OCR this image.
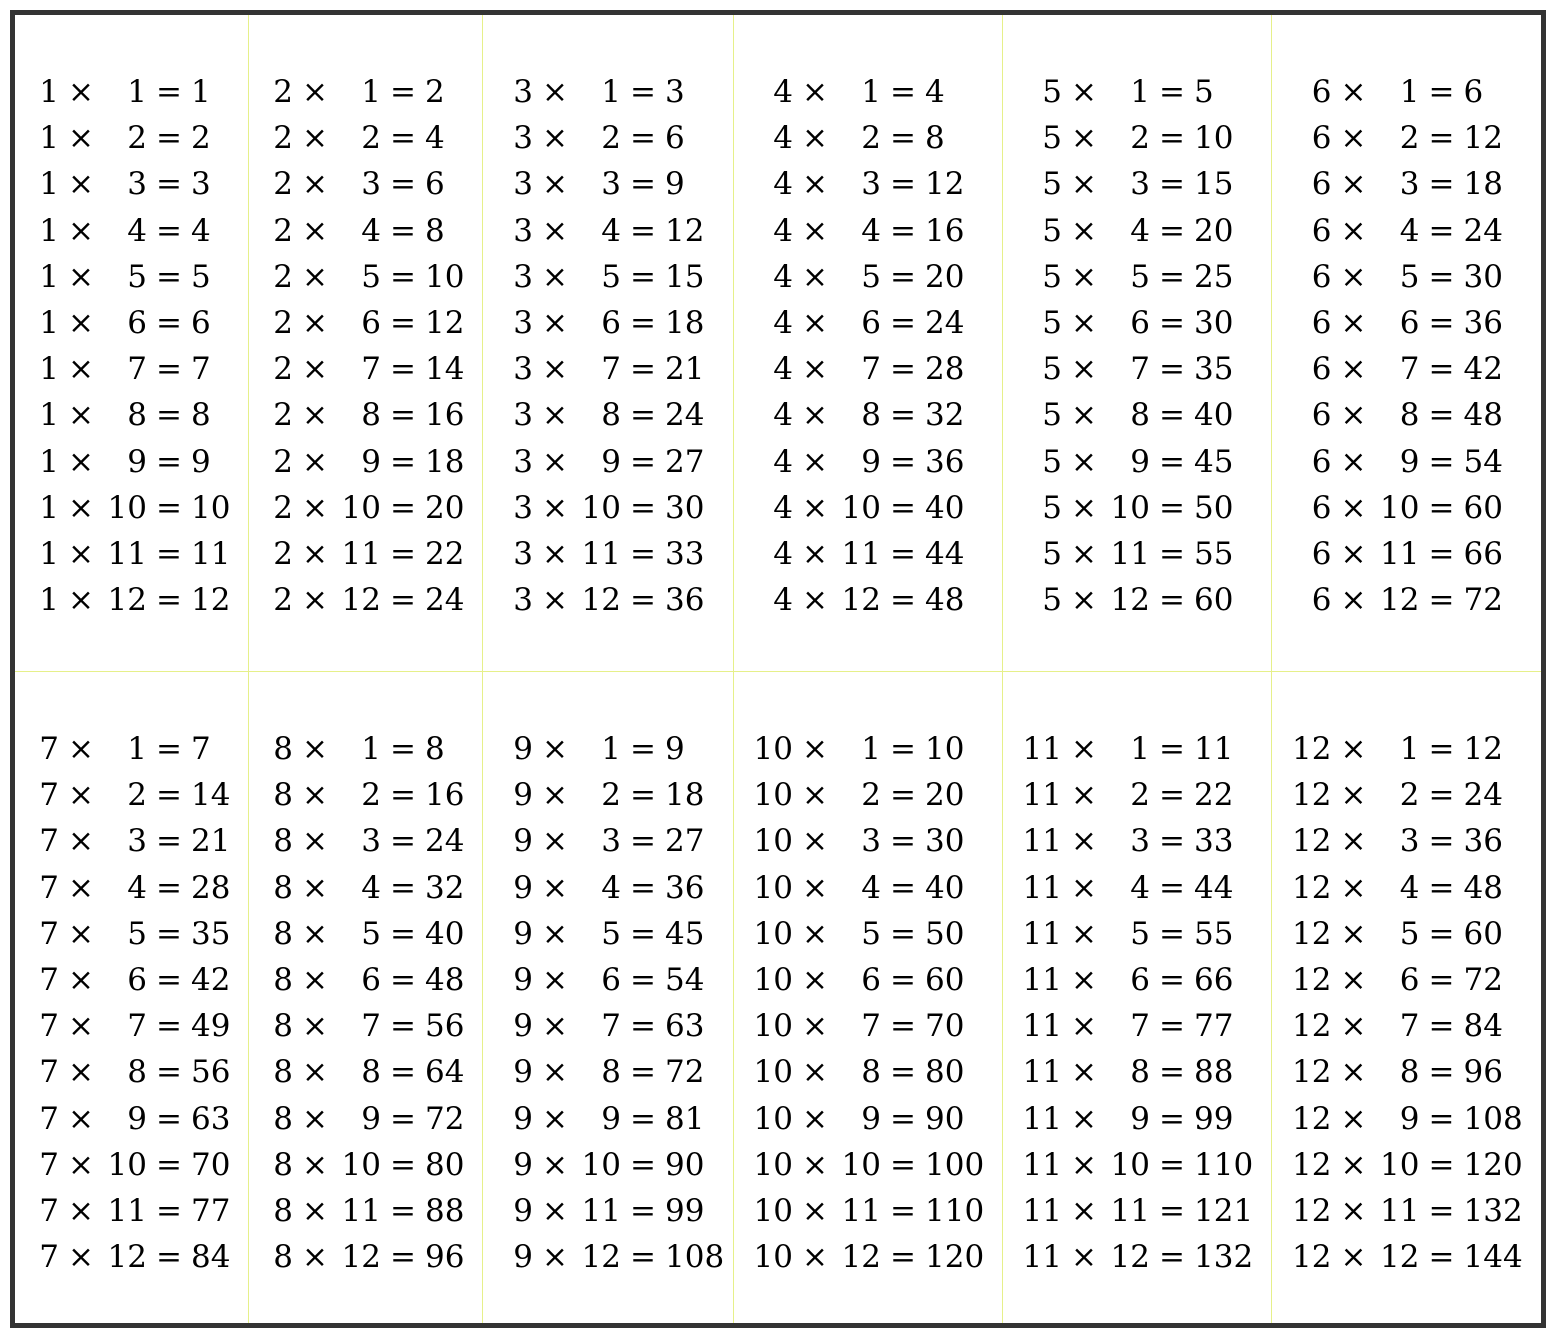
1 ×	1 = 1
1 ×	2 = 2
1 ×	3 = 3
1 ×	4 = 4
1 ×	5 = 5
1 ×	6 = 6
1 ×	7 = 7
1 ×	8 = 8
1 ×	9 = 9
1 × 10 = 10
1 × 11 = 11
1 × 12 = 12
2 ×	1 = 2
2 ×	2 = 4
2 ×	3 = 6
2 ×	4 = 8
2 ×	5 = 10
2 ×	6 = 12
2 ×	7 = 14
2 ×	8 = 16
2 ×	9 = 18
2 × 10 = 20
2 × 11 = 22
2 × 12 = 24
3 ×	1 = 3
3 ×	2 = 6
3 ×	3 = 9
3 ×	4 = 12
3 ×	5 = 15
3 ×	6 = 18
3 ×	7 = 21
3 ×	8 = 24
3 ×	9 = 27
3 × 10 = 30
3 × 11 = 33
3 × 12 = 36
4 ×	1 = 4
4 ×	2 = 8
4 ×	3 = 12
4 ×	4 = 16
4 ×	5 = 20
4 ×	6 = 24
4 ×	7 = 28
4 ×	8 = 32
4 ×	9 = 36
4 × 10 = 40
4 × 11 = 44
4 × 12 = 48
5 ×	1 = 5
5 ×	2 = 10
5 ×	3 = 15
5 ×	4 = 20
5 ×	5 = 25
5 ×	6 = 30
5 ×	7 = 35
5 ×	8 = 40
5 ×	9 = 45
5 × 10 = 50
5 × 11 = 55
5 × 12 = 60
6 ×	1 = 6
6 ×	2 = 12
6 ×	3 = 18
6 ×	4 = 24
6 ×	5 = 30
6 ×	6 = 36
6 ×	7 = 42
6 ×	8 = 48
6 ×	9 = 54
6 × 10 = 60
6 × 11 = 66
6 × 12 = 72
7 ×	1 = 7
7 ×	2 = 14
7 ×	3 = 21
7 ×	4 = 28
7 ×	5 = 35
7 ×	6 = 42
7 ×	7 = 49
7 ×	8 = 56
7 ×	9 = 63
7 × 10 = 70
7 × 11 = 77
7 × 12 = 84
8 ×	1 = 8
8 ×	2 = 16
8 ×	3 = 24
8 ×	4 = 32
8 ×	5 = 40
8 ×	6 = 48
8 ×	7 = 56
8 ×	8 = 64
8 ×	9 = 72
8 × 10 = 80
8 × 11 = 88
8 × 12 = 96
9 ×	1 = 9
9 ×	2 = 18
9 ×	3 = 27
9 ×	4 = 36
9 ×	5 = 45
9 ×	6 = 54
9 ×	7 = 63
9 ×	8 = 72
9 ×	9 = 81
9 × 10 = 90
9 × 11 = 99
9 × 12 = 108
10 ×	1 = 10
10 ×	2 = 20
10 ×	3 = 30
10 ×	4 = 40
10 ×	5 = 50
10 ×	6 = 60
10 ×	7 = 70
10 ×	8 = 80
10 ×	9 = 90
10 × 10 = 100
10 × 11 = 110
10 × 12 = 120
11 ×	1 = 11
11 ×	2 = 22
11 ×	3 = 33
11 ×	4 = 44
11 ×	5 = 55
11 ×	6 = 66
11 ×	7 = 77
11 ×	8 = 88
11 ×	9 = 99
11 × 10 = 110
11 × 11 = 121
11 × 12 = 132
12 ×	1 = 12
12 ×	2 = 24
12 ×	3 = 36
12 ×	4 = 48
12 ×	5 = 60
12 ×	6 = 72
12 ×	7 = 84
12 ×	8 = 96
12 ×	9 = 108
12 × 10 = 120
12 × 11 = 132
12 × 12 = 144
